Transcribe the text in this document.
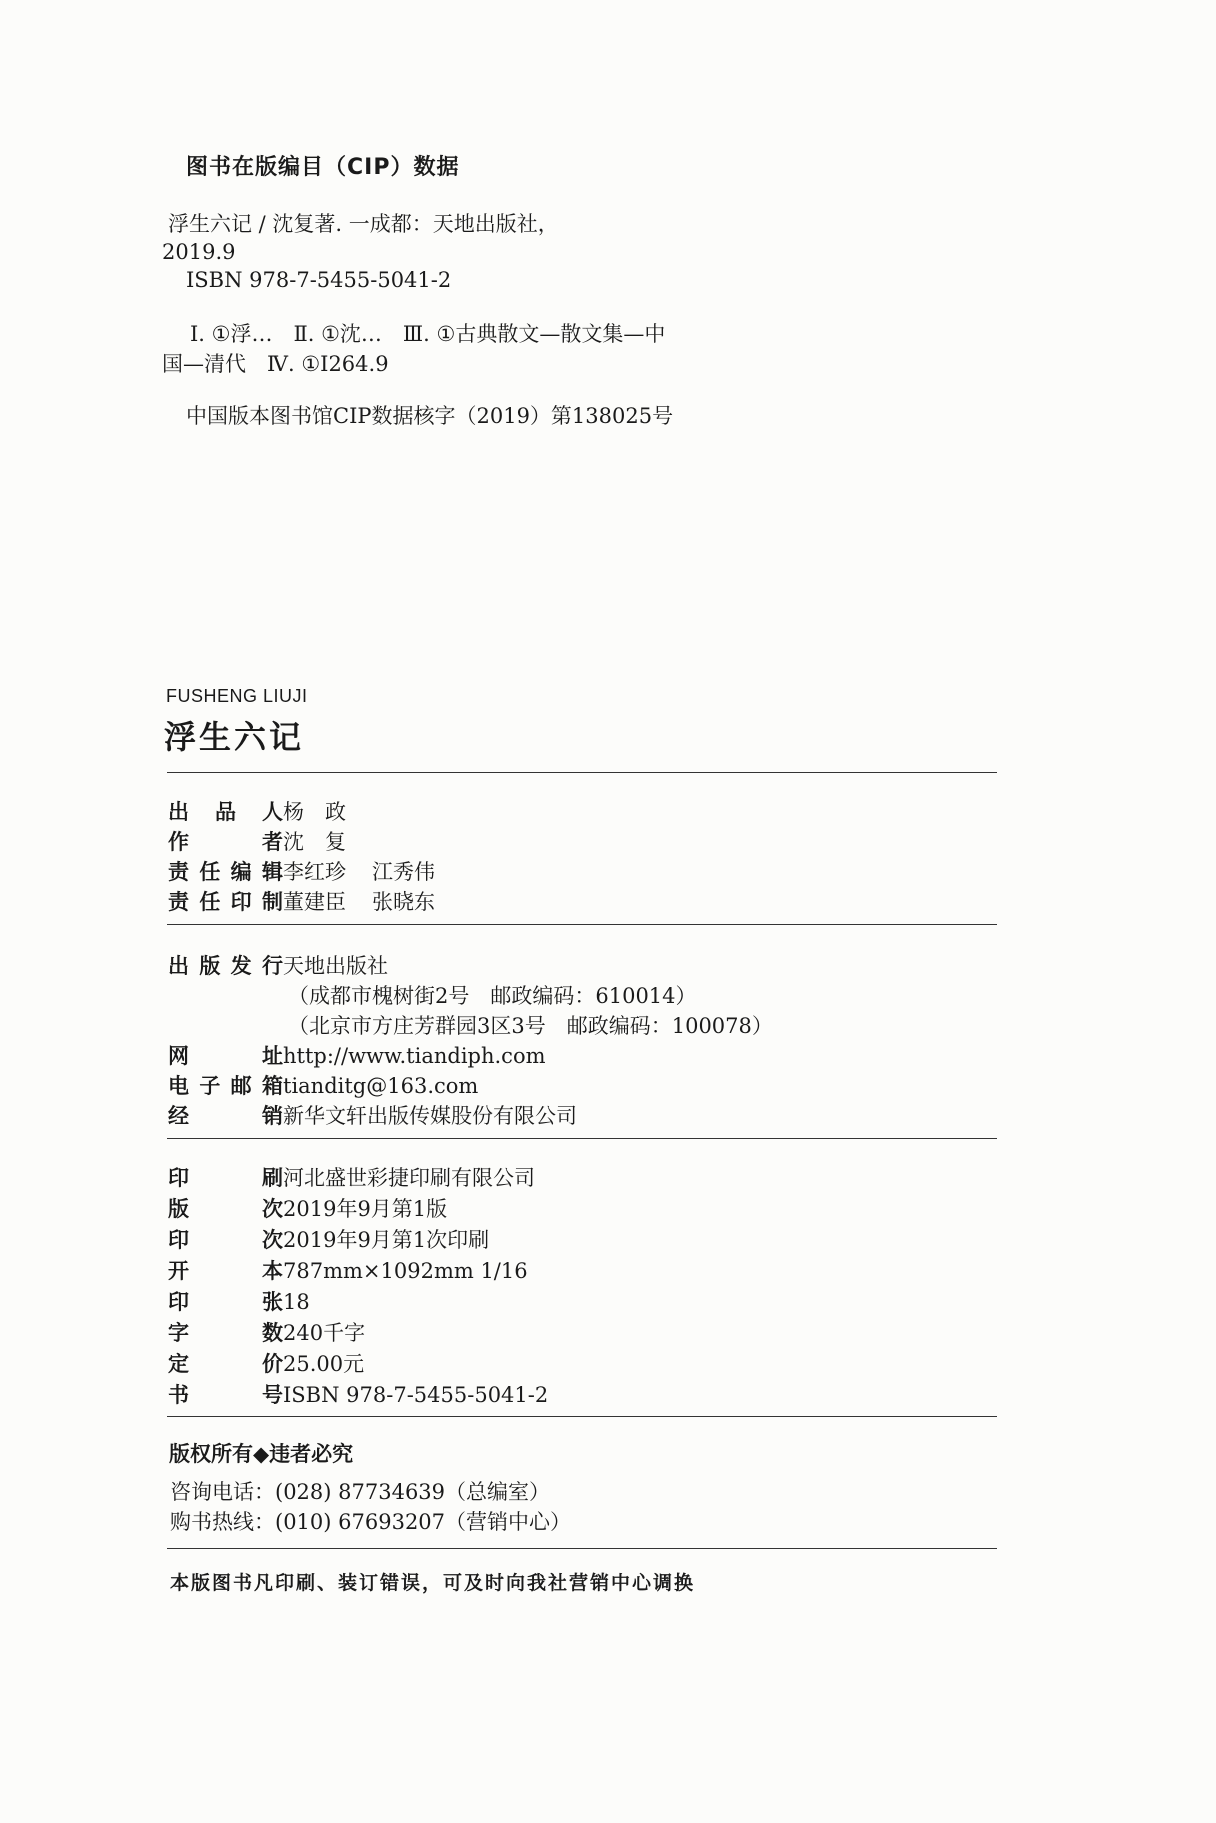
图书在版编目（CIP）数据
浮生六记 / 沈复著. 一成都：天地出版社，
2019.9
ISBN 978-7-5455-5041-2
Ⅰ. ①浮…　Ⅱ. ①沈…　Ⅲ. ①古典散文—散文集—中
国—清代　Ⅳ. ①I264.9
中国版本图书馆CIP数据核字（2019）第138025号
FUSHENG LIUJI
浮生六记
出 品 人 杨　政
作	者 沈　复
责 任 编 辑 李红珍 江秀伟
责 任 印 制 董建臣 张晓东
出 版 发 行 天地出版社
（成都市槐树街2号　邮政编码：610014）
（北京市方庄芳群园3区3号　邮政编码：100078）
网	址 http://www.tiandiph.com
电 子 邮 箱 tianditg@163.com
经	销 新华文轩出版传媒股份有限公司
印	刷 河北盛世彩捷印刷有限公司
版	次 2019年9月第1版
印	次 2019年9月第1次印刷
开	本 787mm×1092mm 1/16
印	张 18
字	数 240千字
定	价 25.00元
书	号 ISBN 978-7-5455-5041-2
版权所有◆违者必究
咨询电话：(028) 87734639（总编室）
购书热线：(010) 67693207（营销中心）
本版图书凡印刷、装订错误，可及时向我社营销中心调换
